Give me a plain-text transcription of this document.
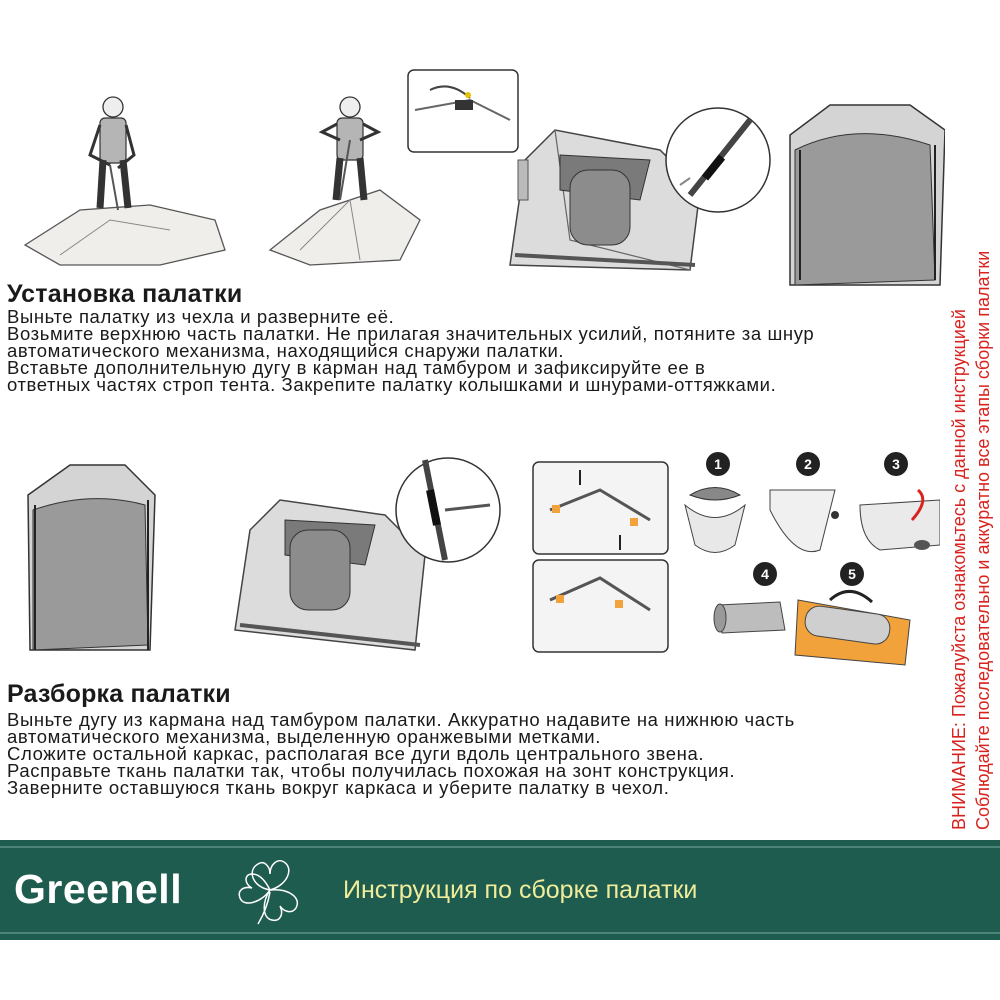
Установка палатки
Выньте палатку из чехла и разверните её.
Возьмите верхнюю часть палатки. Не прилагая значительных усилий, потяните за шнур
автоматического механизма, находящийся снаружи палатки.
Вставьте дополнительную дугу в карман над тамбуром и зафиксируйте ее в
ответных частях строп тента. Закрепите палатку колышками и шнурами-оттяжками.
1	2	3
4	5
Разборка палатки
Выньте дугу из кармана над тамбуром палатки. Аккуратно надавите на нижнюю часть
автоматического механизма, выделенную оранжевыми метками.
Сложите остальной каркас, располагая все дуги вдоль центрального звена.
Расправьте ткань палатки так, чтобы получилась похожая на зонт конструкция.
Заверните оставшуюся ткань вокруг каркаса и уберите палатку в чехол.	ВНИМАНИЕ: Пожалуйста ознакомьтесь с данной инструкцией Соблюдайте последовательно и аккуратно все этапы сборки палатки
Greenell	Инструкция по сборке палатки
